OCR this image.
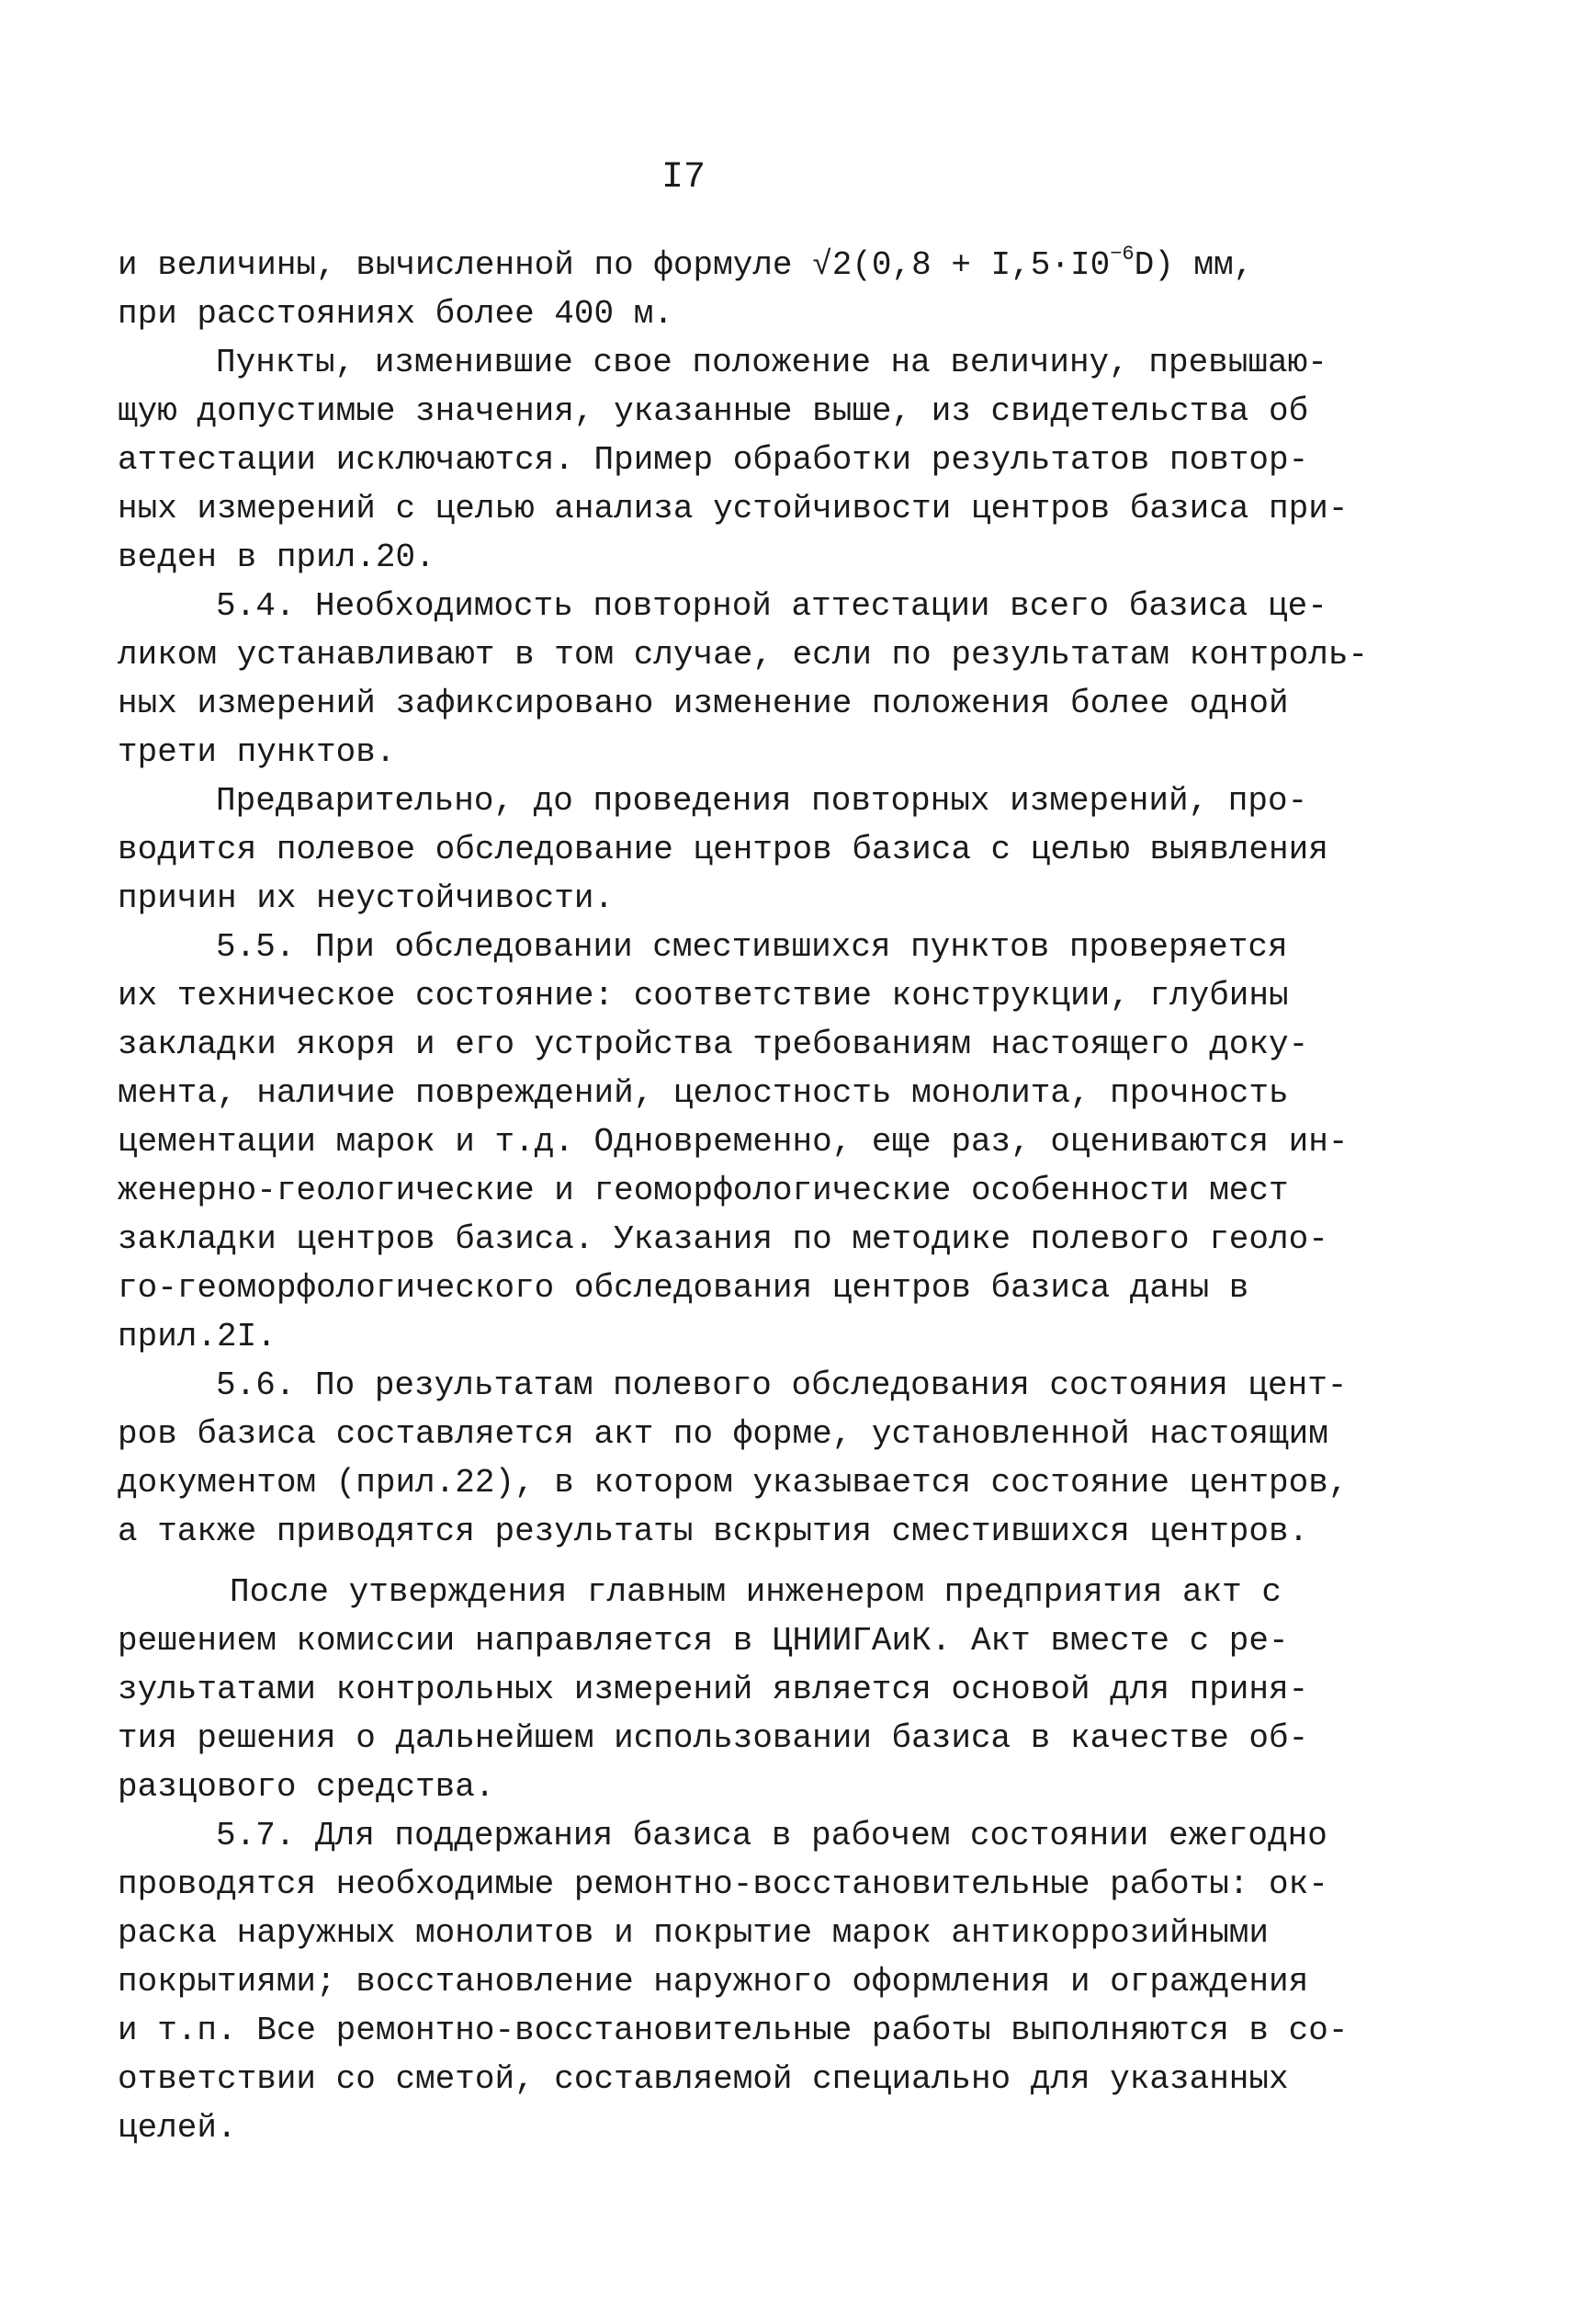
I7
и величины, вычисленной по формуле $√2(0,8 + I,5\cdot I0^{-6}D)$ мм,
при расстояниях более 400 м.
Пункты, изменившие свое положение на величину, превышаю-
щую допустимые значения, указанные выше, из свидетельства об
аттестации исключаются. Пример обработки результатов повтор-
ных измерений с целью анализа устойчивости центров базиса при-
веден в прил.20.
5.4. Необходимость повторной аттестации всего базиса це-
ликом устанавливают в том случае, если по результатам контроль-
ных измерений зафиксировано изменение положения более одной
трети пунктов.
Предварительно, до проведения повторных измерений, про-
водится полевое обследование центров базиса с целью выявления
причин их неустойчивости.
5.5. При обследовании сместившихся пунктов проверяется
их техническое состояние: соответствие конструкции, глубины
закладки якоря и его устройства требованиям настоящего доку-
мента, наличие повреждений, целостность монолита, прочность
цементации марок и т.д. Одновременно, еще раз, оцениваются ин-
женерно-геологические и геоморфологические особенности мест
закладки центров базиса. Указания по методике полевого геоло-
го-геоморфологического обследования центров базиса даны в
прил.2I.
5.6. По результатам полевого обследования состояния цент-
ров базиса составляется акт по форме, установленной настоящим
документом (прил.22), в котором указывается состояние центров,
а также приводятся результаты вскрытия сместившихся центров.
После утверждения главным инженером предприятия акт с
решением комиссии направляется в ЦНИИГАиК. Акт вместе с ре-
зультатами контрольных измерений является основой для приня-
тия решения о дальнейшем использовании базиса в качестве об-
разцового средства.
5.7. Для поддержания базиса в рабочем состоянии ежегодно
проводятся необходимые ремонтно-восстановительные работы: ок-
раска наружных монолитов и покрытие марок антикоррозийными
покрытиями; восстановление наружного оформления и ограждения
и т.п. Все ремонтно-восстановительные работы выполняются в со-
ответствии со сметой, составляемой специально для указанных
целей.
